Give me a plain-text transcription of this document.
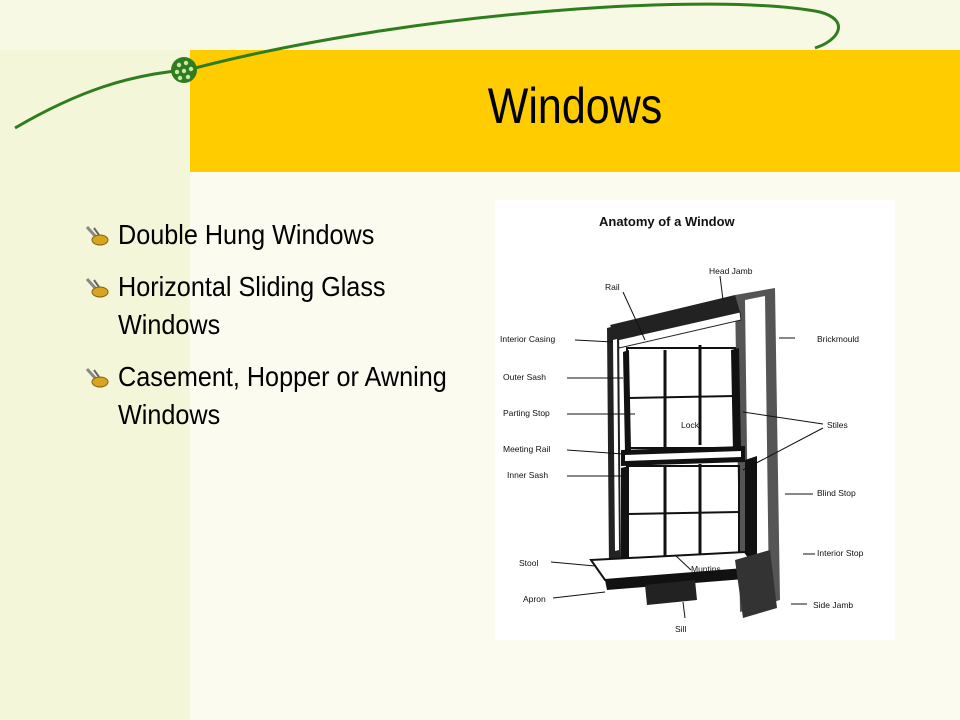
Windows
Double Hung Windows
Horizontal Sliding Glass Windows
Casement, Hopper or Awning Windows
Anatomy of a Window
Head Jamb
Rail
Interior Casing	Brickmould
Outer Sash
Parting Stop
Lock	Stiles
Meeting Rail
Inner Sash
Blind Stop
Stool
Muntins
Interior Stop
Apron
Side Jamb
Sill
